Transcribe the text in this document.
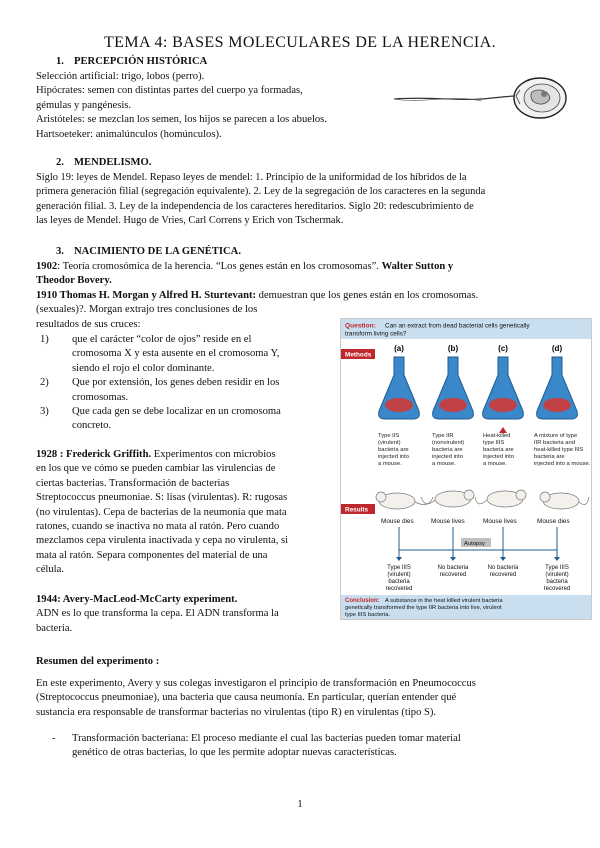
TEMA 4: BASES MOLECULARES DE LA HERENCIA.
1. PERCEPCIÓN HISTÓRICA
Selección artificial: trigo, lobos (perro).
Hipócrates: semen con distintas partes del cuerpo ya formadas,
gémulas y pangénesis.
Aristóteles: se mezclan los semen, los hijos se parecen a los abuelos.
Hartsoeteker: animalúnculos (homúnculos).
2. MENDELISMO.
Siglo 19: leyes de Mendel. Repaso leyes de mendel: 1. Principio de la uniformidad de los híbridos de la
primera generación filial (segregación equivalente). 2. Ley de la segregación de los caracteres en la segunda
generación filial. 3. Ley de la independencia de los caracteres hereditarios. Siglo 20: redescubrimiento de
las leyes de Mendel. Hugo de Vries, Carl Correns y Erich von Tschermak.
3. NACIMIENTO DE LA GENÉTICA.
1902: Teoría cromosómica de la herencia. “Los genes están en los cromosomas”. Walter Sutton y
Theodor Bovery.
1910 Thomas H. Morgan y Alfred H. Sturtevant: demuestran que los genes están en los cromosomas.
(sexuales)?. Morgan extrajo tres conclusiones de los
resultados de sus cruces:
1)	que el carácter “color de ojos” reside en el
cromosoma X y esta ausente en el cromosoma Y,
siendo el rojo el color dominante.
2)	Que por extensión, los genes deben residir en los
cromosomas.
3)	Que cada gen se debe localizar en un cromosoma
concreto.
1928 : Frederick Griffith. Experimentos con microbios
en los que ve cómo se pueden cambiar las virulencias de
ciertas bacterias. Transformación de bacterias
Streptococcus pneumoniae. S: lisas (virulentas). R: rugosas
(no virulentas). Cepa de bacterias de la neumonía que mata
ratones, cuando se inactiva no mata al ratón. Pero cuando
mezclamos cepa virulenta inactivada y cepa no virulenta, si
mata al ratón. Separa componentes del material de una
célula.
1944: Avery-MacLeod-McCarty experiment.
ADN es lo que transforma la cepa. El ADN transforma la
bacteria.
Question: Can an extract from dead bacterial cells genetically
transform living cells?
Methods
(a)	(b)	(c)	(d)
Type IIS
(virulent)
bacteria are
injected into
a mouse.
Type IIR
(nonvirulent)
bacteria are
injected into
a mouse.
Heat-killed
type IIIS
bacteria are
injected into
a mouse.
A mixture of type
IIR bacteria and
heat-killed type IIIS
bacteria are
injected into a mouse.
Results
Mouse dies	Mouse lives	Mouse lives	Mouse dies
Autopsy
Type IIIS
(virulent)
bacteria
recovered
No bacteria
recovered
No bacteria
recovered
Type IIIS
(virulent)
bacteria
recovered
Conclusion: A substance in the heat killed virulent bacteria
genetically transformed the type IIR bacteria into live, virulent
type IIIS bacteria.
Resumen del experimento :
En este experimento, Avery y sus colegas investigaron el principio de transformación en Pneumococcus
(Streptococcus pneumoniae), una bacteria que causa neumonía. En particular, querían entender qué
sustancia era responsable de transformar bacterias no virulentas (tipo R) en virulentas (tipo S).
- Transformación bacteriana: El proceso mediante el cual las bacterias pueden tomar material
genético de otras bacterias, lo que les permite adoptar nuevas características.
1
